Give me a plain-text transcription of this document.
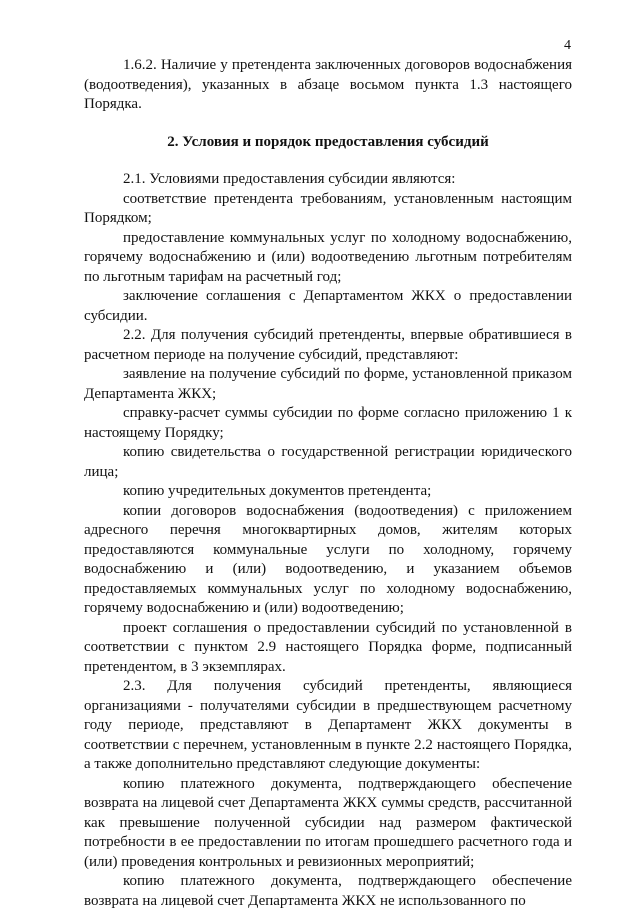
4

1.6.2. Наличие у претендента заключенных договоров водоснабжения (водоотведения), указанных в абзаце восьмом пункта 1.3 настоящего Порядка.

2. Условия и порядок предоставления субсидий

2.1. Условиями предоставления субсидии являются:

соответствие претендента требованиям, установленным настоящим Порядком;

предоставление коммунальных услуг по холодному водоснабжению, горячему водоснабжению и (или) водоотведению льготным потребителям по льготным тарифам на расчетный год;

заключение соглашения с Департаментом ЖКХ о предоставлении субсидии.

2.2. Для получения субсидий претенденты, впервые обратившиеся в расчетном периоде на получение субсидий, представляют:

заявление на получение субсидий по форме, установленной приказом Департамента ЖКХ;

справку-расчет суммы субсидии по форме согласно приложению 1 к настоящему Порядку;

копию свидетельства о государственной регистрации юридического лица;

копию учредительных документов претендента;

копии договоров водоснабжения (водоотведения) с приложением адресного перечня многоквартирных домов, жителям которых предоставляются коммунальные услуги по холодному, горячему водоснабжению и (или) водоотведению, и указанием объемов предоставляемых коммунальных услуг по холодному водоснабжению, горячему водоснабжению и (или) водоотведению;

проект соглашения о предоставлении субсидий по установленной в соответствии с пунктом 2.9 настоящего Порядка форме, подписанный претендентом, в 3 экземплярах.

2.3. Для получения субсидий претенденты, являющиеся организациями - получателями субсидии в предшествующем расчетному году периоде, представляют в Департамент ЖКХ документы в соответствии с перечнем, установленным в пункте 2.2 настоящего Порядка, а также дополнительно представляют следующие документы:

копию платежного документа, подтверждающего обеспечение возврата на лицевой счет Департамента ЖКХ суммы средств, рассчитанной как превышение полученной субсидии над размером фактической потребности в ее предоставлении по итогам прошедшего расчетного года и (или) проведения контрольных и ревизионных мероприятий;

копию платежного документа, подтверждающего обеспечение возврата на лицевой счет Департамента ЖКХ не использованного по
